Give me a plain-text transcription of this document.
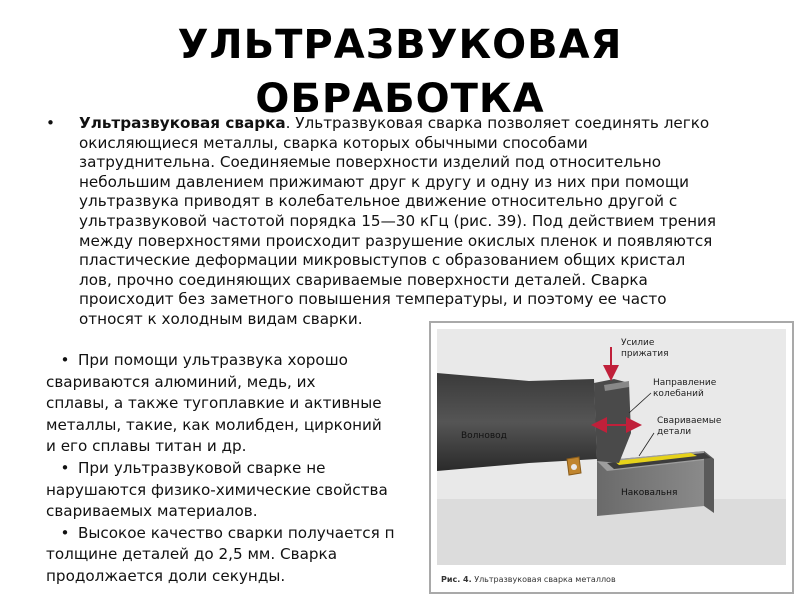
УЛЬТРАЗВУКОВАЯ
ОБРАБОТКА
• Ультразвуковая сварка. Ультразвуковая сварка позволяет соединять легко
окисляющиеся металлы, сварка которых обычными способами
затруднительна. Соединяемые поверхности изделий под относительно
небольшим давлением прижимают друг к другу и одну из них при помощи
ультразвука приводят в колебательное движение относительно другой с
ультразвуковой частотой порядка 15—30 кГц (рис. 39). Под действием трения
между поверхностями происходит разрушение окислых пленок и появляются
пластические деформации микровыступов с образованием общих кристал
лов, прочно соединяющих свариваемые поверхности деталей. Сварка
происходит без заметного повышения температуры, и поэтому ее часто
относят к холодным видам сварки.
• При помощи ультразвука хорошо
свариваются алюминий, медь, их
сплавы, а также тугоплавкие и активные
металлы, такие, как молибден, цирконий
и его сплавы титан и др.
• При ультразвуковой сварке не
нарушаются физико-химические свойства
свариваемых материалов.
• Высокое качество сварки получается п
толщине деталей до 2,5 мм. Сварка
продолжается доли секунды.
Усилие
прижатия
Направление
колебаний
Свариваемые
детали
Волновод
Наковальня
Рис. 4. Ультразвуковая сварка металлов
